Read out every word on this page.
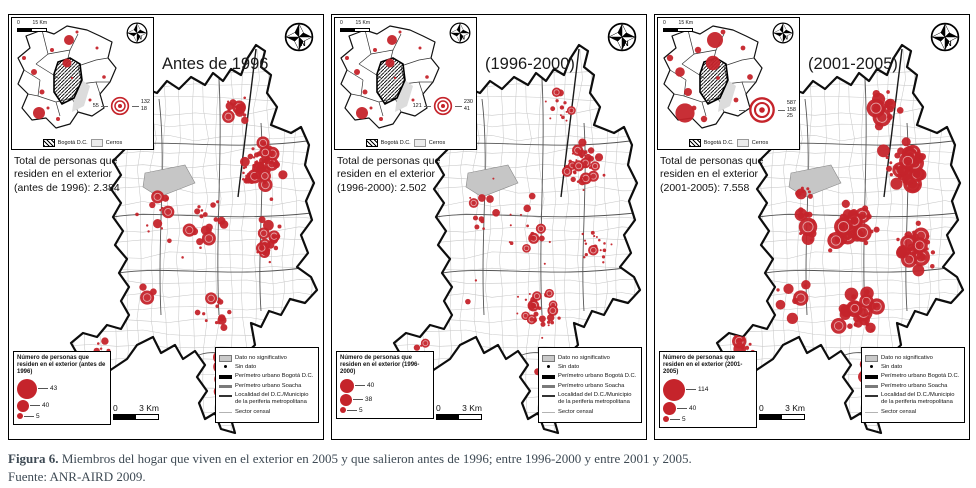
Antes de 1996
N

Total de personas que residen en el exterior (antes de 1996): 2.384

0	15 Km
N
55
132
18
Bogotá D.C.	Cerros

Número de personas que residen en el exterior (antes de 1996)

43
40
5
Dato no significativo
Sin dato
Perímetro urbano Bogotá D.C.
Perímetro urbano Soacha
Localidad del D.C./Municipio de la periferia metropolitana
Sector censal
0	3 Km
(1996-2000)
N

Total de personas que residen en el exterior (1996-2000): 2.502

0	15 Km
N
121
230
41
Bogotá D.C.	Cerros

Número de personas que residen en el exterior (1996-2000)

40
38
5
Dato no significativo
Sin dato
Perímetro urbano Bogotá D.C.
Perímetro urbano Soacha
Localidad del D.C./Municipio de la periferia metropolitana
Sector censal
0	3 Km
(2001-2005)
N

Total de personas que residen en el exterior (2001-2005): 7.558

0	15 Km
N
587
158
25
Bogotá D.C.	Cerros

Número de personas que residen en el exterior (2001-2005)

114
40
5
Dato no significativo
Sin dato
Perímetro urbano Bogotá D.C.
Perímetro urbano Soacha
Localidad del D.C./Municipio de la periferia metropolitana
Sector censal
0	3 Km

Figura 6. Miembros del hogar que viven en el exterior en 2005 y que salieron antes de 1996; entre 1996-2000 y entre 2001 y 2005.
Fuente: ANR-AIRD 2009.
